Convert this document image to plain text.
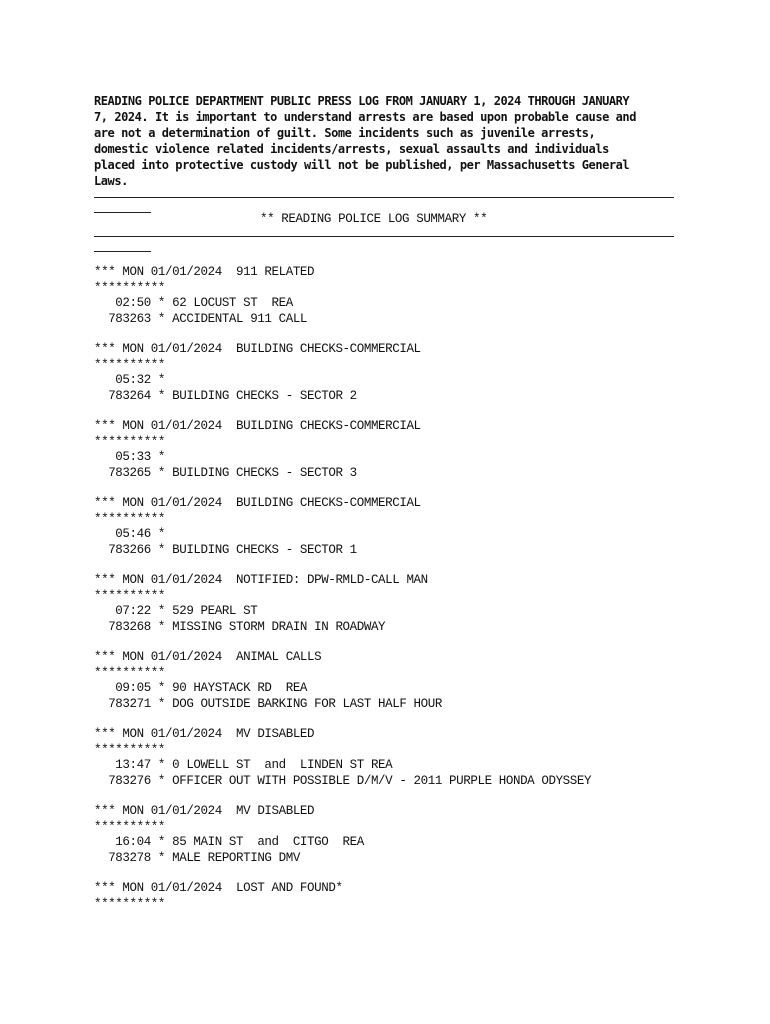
READING POLICE DEPARTMENT PUBLIC PRESS LOG FROM JANUARY 1, 2024 THROUGH JANUARY
7, 2024. It is important to understand arrests are based upon probable cause and
are not a determination of guilt. Some incidents such as juvenile arrests,
domestic violence related incidents/arrests, sexual assaults and individuals
placed into protective custody will not be published, per Massachusetts General
Laws.

** READING POLICE LOG SUMMARY **

*** MON 01/01/2024  911 RELATED

**********

02:50 * 62 LOCUST ST  REA

783263 * ACCIDENTAL 911 CALL

*** MON 01/01/2024  BUILDING CHECKS-COMMERCIAL

**********

05:32 *

783264 * BUILDING CHECKS - SECTOR 2

*** MON 01/01/2024  BUILDING CHECKS-COMMERCIAL

**********

05:33 *

783265 * BUILDING CHECKS - SECTOR 3

*** MON 01/01/2024  BUILDING CHECKS-COMMERCIAL

**********

05:46 *

783266 * BUILDING CHECKS - SECTOR 1

*** MON 01/01/2024  NOTIFIED: DPW-RMLD-CALL MAN

**********

07:22 * 529 PEARL ST

783268 * MISSING STORM DRAIN IN ROADWAY

*** MON 01/01/2024  ANIMAL CALLS

**********

09:05 * 90 HAYSTACK RD  REA

783271 * DOG OUTSIDE BARKING FOR LAST HALF HOUR

*** MON 01/01/2024  MV DISABLED

**********

13:47 * 0 LOWELL ST  and  LINDEN ST REA

783276 * OFFICER OUT WITH POSSIBLE D/M/V - 2011 PURPLE HONDA ODYSSEY

*** MON 01/01/2024  MV DISABLED

**********

16:04 * 85 MAIN ST  and  CITGO  REA

783278 * MALE REPORTING DMV

*** MON 01/01/2024  LOST AND FOUND*

**********
